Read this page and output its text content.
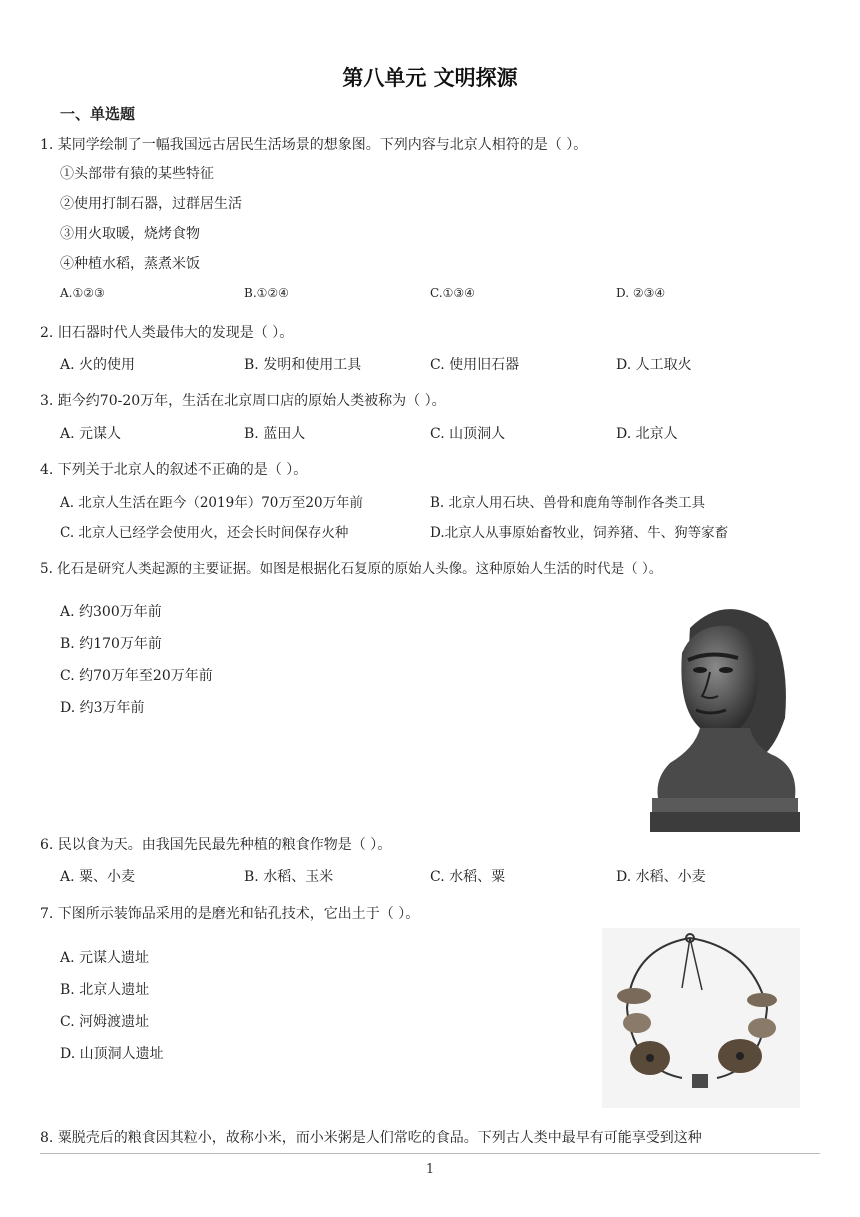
第八单元 文明探源
一、单选题
1. 某同学绘制了一幅我国远古居民生活场景的想象图。下列内容与北京人相符的是（ ）。
①头部带有猿的某些特征
②使用打制石器，过群居生活
③用火取暖，烧烤食物
④种植水稻，蒸煮米饭
A.①②③	B.①②④	C.①③④	D. ②③④
2. 旧石器时代人类最伟大的发现是（ ）。
A. 火的使用	B. 发明和使用工具	C. 使用旧石器	D. 人工取火
3. 距今约70-20万年，生活在北京周口店的原始人类被称为（ ）。
A. 元谋人	B. 蓝田人	C. 山顶洞人	D. 北京人
4. 下列关于北京人的叙述不正确的是（ ）。
A. 北京人生活在距今（2019年）70万至20万年前	B. 北京人用石块、兽骨和鹿角等制作各类工具
C. 北京人已经学会使用火，还会长时间保存火种	D.北京人从事原始畜牧业，饲养猪、牛、狗等家畜
5. 化石是研究人类起源的主要证据。如图是根据化石复原的原始人头像。这种原始人生活的时代是（ ）。
A. 约300万年前
B. 约170万年前
C. 约70万年至20万年前
D. 约3万年前
6. 民以食为天。由我国先民最先种植的粮食作物是（ ）。
A. 粟、小麦	B. 水稻、玉米	C. 水稻、粟	D. 水稻、小麦
7. 下图所示装饰品采用的是磨光和钻孔技术，它出土于（ ）。
A. 元谋人遗址
B. 北京人遗址
C. 河姆渡遗址
D. 山顶洞人遗址
8. 粟脱壳后的粮食因其粒小，故称小米，而小米粥是人们常吃的食品。下列古人类中最早有可能享受到这种
1
